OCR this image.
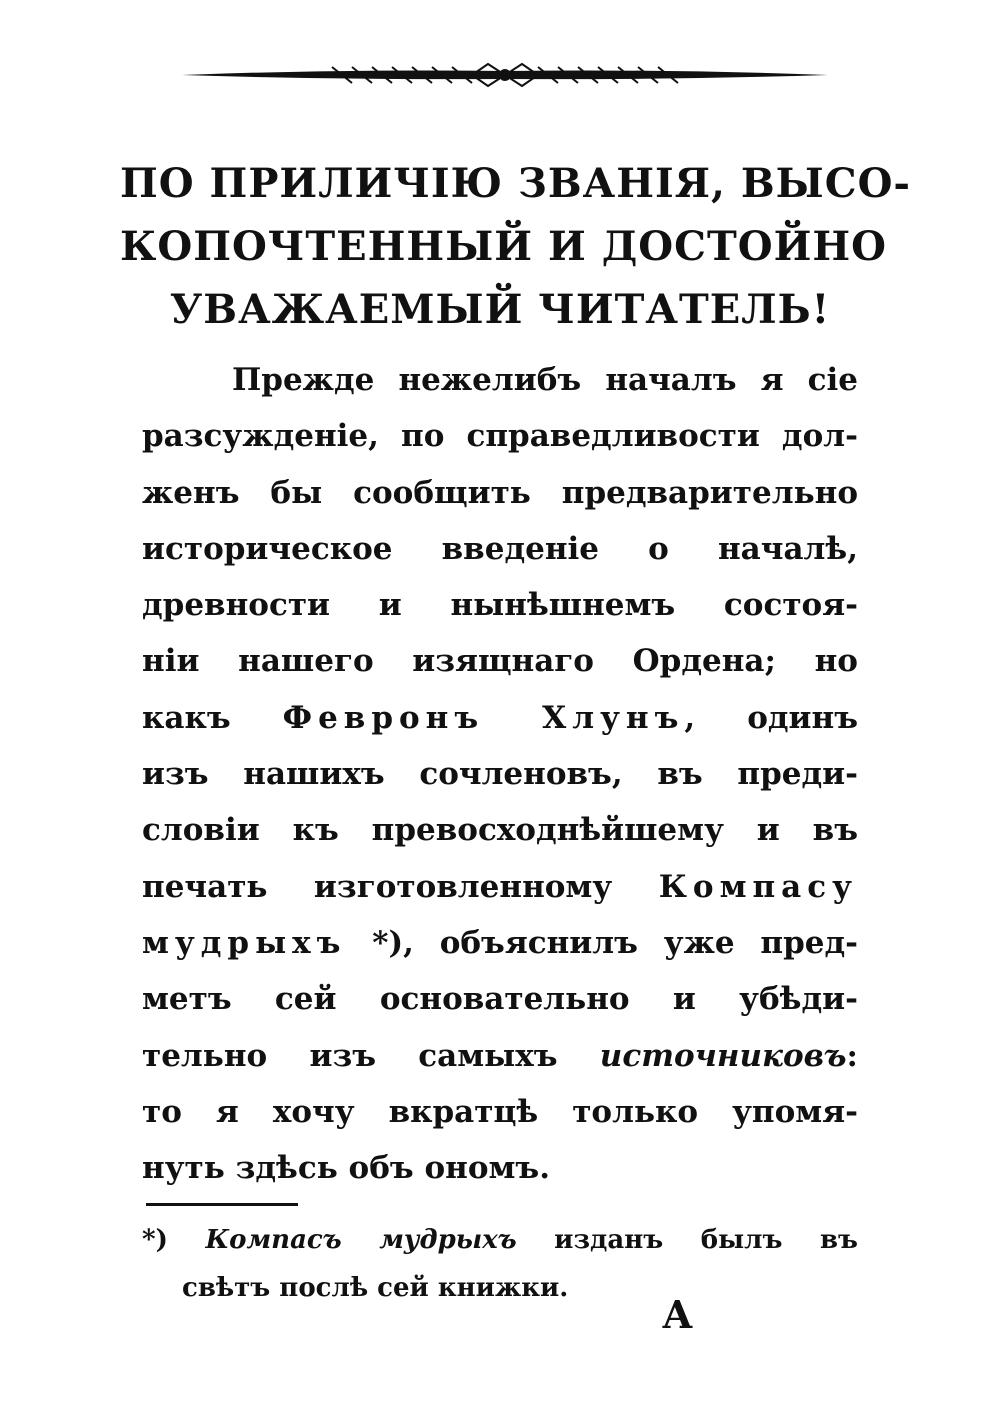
ПО ПРИЛИЧІЮ ЗВАНІЯ, ВЫСО-
КОПОЧТЕННЫЙ И ДОСТОЙНО
УВАЖАЕМЫЙ ЧИТАТЕЛЬ!
Прежде нежелибъ началъ я сіе
разсужденіе, по справедливости дол-
женъ бы сообщить предварительно
историческое введеніе о началѣ,
древности и нынѣшнемъ состоя-
ніи нашего изящнаго Ордена; но
какъ Февронъ Хлунъ, одинъ
изъ нашихъ сочленовъ, въ преди-
словіи къ превосходнѣйшему и въ
печать изготовленному Компасу
мудрыхъ *), объяснилъ уже пред-
метъ сей основательно и убѣди-
тельно изъ самыхъ источниковъ:
то я хочу вкратцѣ только упомя-
нуть здѣсь объ ономъ.
*) Компасъ мудрыхъ изданъ былъ въ
свѣтъ послѣ сей книжки.
А
